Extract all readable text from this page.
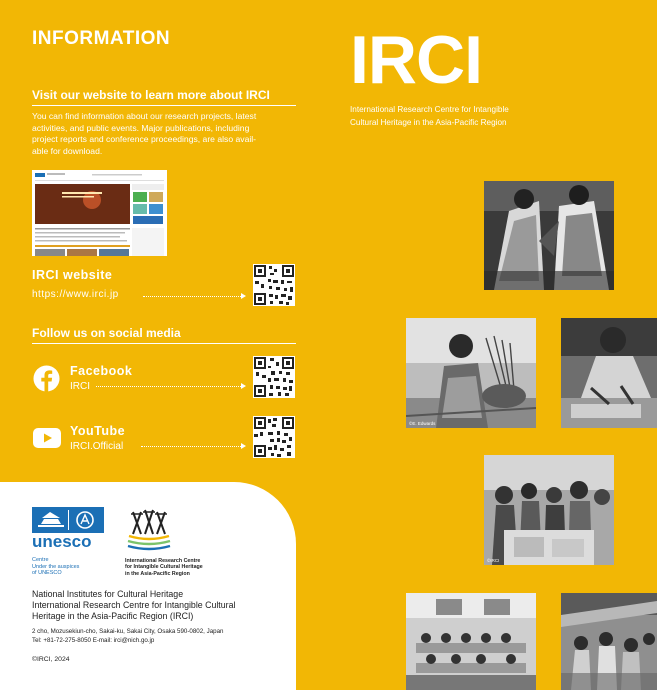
INFORMATION
Visit our website to learn more about IRCI
You can find information about our research projects, latest
activities, and public events. Major publications, including
project reports and conference proceedings, are also avail-
able for download.
IRCI website
https://www.irci.jp
Follow us on social media
Facebook
IRCI
YouTube
IRCI.Official
unesco
Centre
Under the auspices
of UNESCO
International Research Centre
for Intangible Cultural Heritage
in the Asia-Pacific Region
National Institutes for Cultural Heritage
International Research Centre for Intangible Cultural
Heritage in the Asia-Pacific Region (IRCI)
2 cho, Mozusekiun-cho, Sakai-ku, Sakai City, Osaka 590-0802, Japan
Tel: +81-72-275-8050 E-mail: irci@nich.go.jp
©IRCI, 2024
IRCI
International Research Centre for Intangible
Cultural Heritage in the Asia-Pacific Region
©E. Edwards
©IRCI
